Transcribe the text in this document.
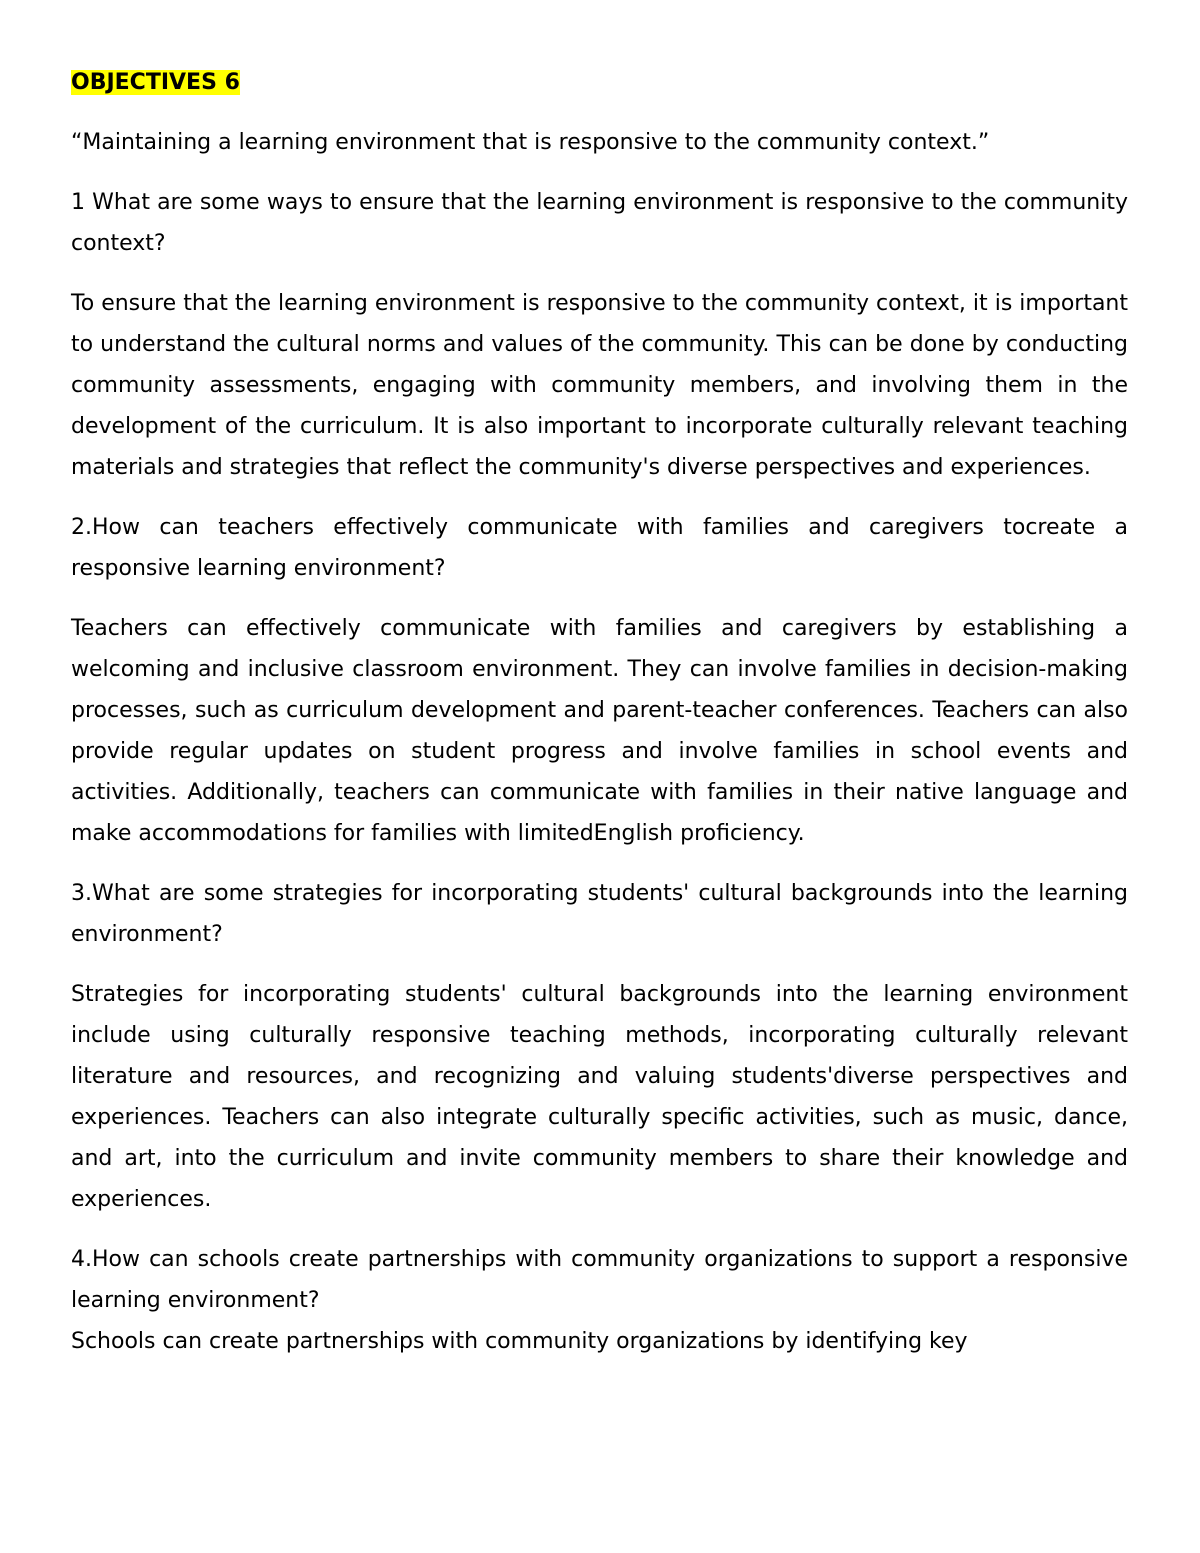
OBJECTIVES 6

“Maintaining a learning environment that is responsive to the community context.”

1 What are some ways to ensure that the learning environment is responsive to the community context?

To ensure that the learning environment is responsive to the community context, it is important to understand the cultural norms and values of the community. This can be done by conducting community assessments, engaging with community members, and involving them in the development of the curriculum. It is also important to incorporate culturally relevant teaching materials and strategies that reflect the community's diverse perspectives and experiences.

2.How can teachers effectively communicate with families and caregivers tocreate a responsive learning environment?

Teachers can effectively communicate with families and caregivers by establishing a welcoming and inclusive classroom environment. They can involve families in decision-making processes, such as curriculum development and parent-teacher conferences. Teachers can also provide regular updates on student progress and involve families in school events and activities. Additionally, teachers can communicate with families in their native language and make accommodations for families with limitedEnglish proficiency.

3.What are some strategies for incorporating students' cultural backgrounds into the learning environment?

Strategies for incorporating students' cultural backgrounds into the learning environment include using culturally responsive teaching methods, incorporating culturally relevant literature and resources, and recognizing and valuing students'diverse perspectives and experiences. Teachers can also integrate culturally specific activities, such as music, dance, and art, into the curriculum and invite community members to share their knowledge and experiences.

4.How can schools create partnerships with community organizations to support a responsive learning environment?

Schools can create partnerships with community organizations by identifying key
